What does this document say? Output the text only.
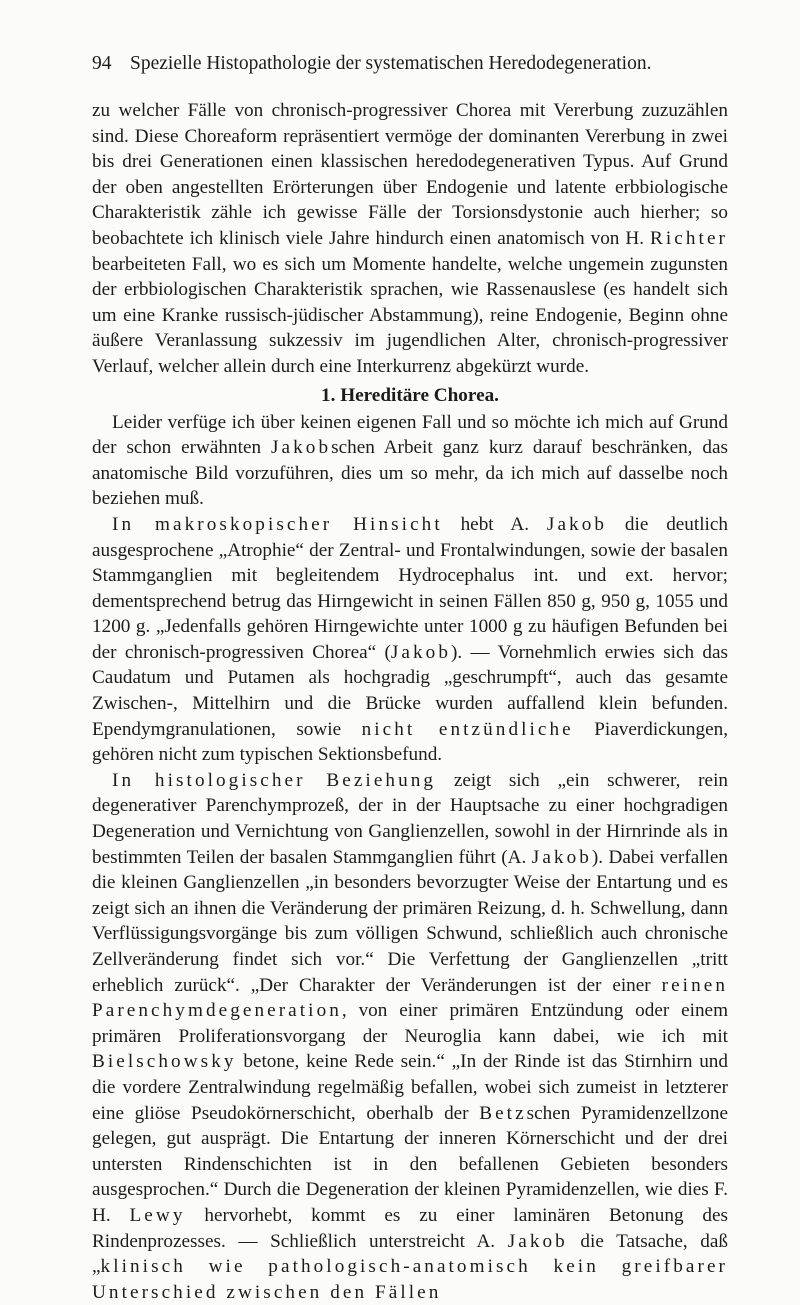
94 Spezielle Histopathologie der systematischen Heredodegeneration.

zu welcher Fälle von chronisch-progressiver Chorea mit Vererbung zuzuzählen sind. Diese Choreaform repräsentiert vermöge der dominanten Vererbung in zwei bis drei Generationen einen klassischen heredodegenerativen Typus. Auf Grund der oben angestellten Erörterungen über Endogenie und latente erbbiologische Charakteristik zähle ich gewisse Fälle der Torsionsdystonie auch hierher; so beobachtete ich klinisch viele Jahre hindurch einen anatomisch von H. Richter bearbeiteten Fall, wo es sich um Momente handelte, welche ungemein zugunsten der erbbiologischen Charakteristik sprachen, wie Rassenauslese (es handelt sich um eine Kranke russisch-jüdischer Abstammung), reine Endogenie, Beginn ohne äußere Veranlassung sukzessiv im jugendlichen Alter, chronisch-progressiver Verlauf, welcher allein durch eine Interkurrenz abgekürzt wurde.

1. Hereditäre Chorea.

Leider verfüge ich über keinen eigenen Fall und so möchte ich mich auf Grund der schon erwähnten Jakobschen Arbeit ganz kurz darauf beschränken, das anatomische Bild vorzuführen, dies um so mehr, da ich mich auf dasselbe noch beziehen muß.

In makroskopischer Hinsicht hebt A. Jakob die deutlich ausgesprochene „Atrophie“ der Zentral- und Frontalwindungen, sowie der basalen Stammganglien mit begleitendem Hydrocephalus int. und ext. hervor; dementsprechend betrug das Hirngewicht in seinen Fällen 850 g, 950 g, 1055 und 1200 g. „Jedenfalls gehören Hirngewichte unter 1000 g zu häufigen Befunden bei der chronisch-progressiven Chorea“ (Jakob). — Vornehmlich erwies sich das Caudatum und Putamen als hochgradig „geschrumpft“, auch das gesamte Zwischen-, Mittelhirn und die Brücke wurden auffallend klein befunden. Ependymgranulationen, sowie nicht entzündliche Piaverdickungen, gehören nicht zum typischen Sektionsbefund.

In histologischer Beziehung zeigt sich „ein schwerer, rein degenerativer Parenchymprozeß, der in der Hauptsache zu einer hochgradigen Degeneration und Vernichtung von Ganglienzellen, sowohl in der Hirnrinde als in bestimmten Teilen der basalen Stammganglien führt (A. Jakob). Dabei verfallen die kleinen Ganglienzellen „in besonders bevorzugter Weise der Entartung und es zeigt sich an ihnen die Veränderung der primären Reizung, d. h. Schwellung, dann Verflüssigungsvorgänge bis zum völligen Schwund, schließlich auch chronische Zellveränderung findet sich vor.“ Die Verfettung der Ganglienzellen „tritt erheblich zurück“. „Der Charakter der Veränderungen ist der einer reinen Parenchymdegeneration, von einer primären Entzündung oder einem primären Proliferationsvorgang der Neuroglia kann dabei, wie ich mit Bielschowsky betone, keine Rede sein.“ „In der Rinde ist das Stirnhirn und die vordere Zentralwindung regelmäßig befallen, wobei sich zumeist in letzterer eine gliöse Pseudokörnerschicht, oberhalb der Betzschen Pyramidenzellzone gelegen, gut ausprägt. Die Entartung der inneren Körnerschicht und der drei untersten Rindenschichten ist in den befallenen Gebieten besonders ausgesprochen.“ Durch die Degeneration der kleinen Pyramidenzellen, wie dies F. H. Lewy hervorhebt, kommt es zu einer laminären Betonung des Rindenprozesses. — Schließlich unterstreicht A. Jakob die Tatsache, daß „klinisch wie pathologisch-anatomisch kein greifbarer Unterschied zwischen den Fällen
